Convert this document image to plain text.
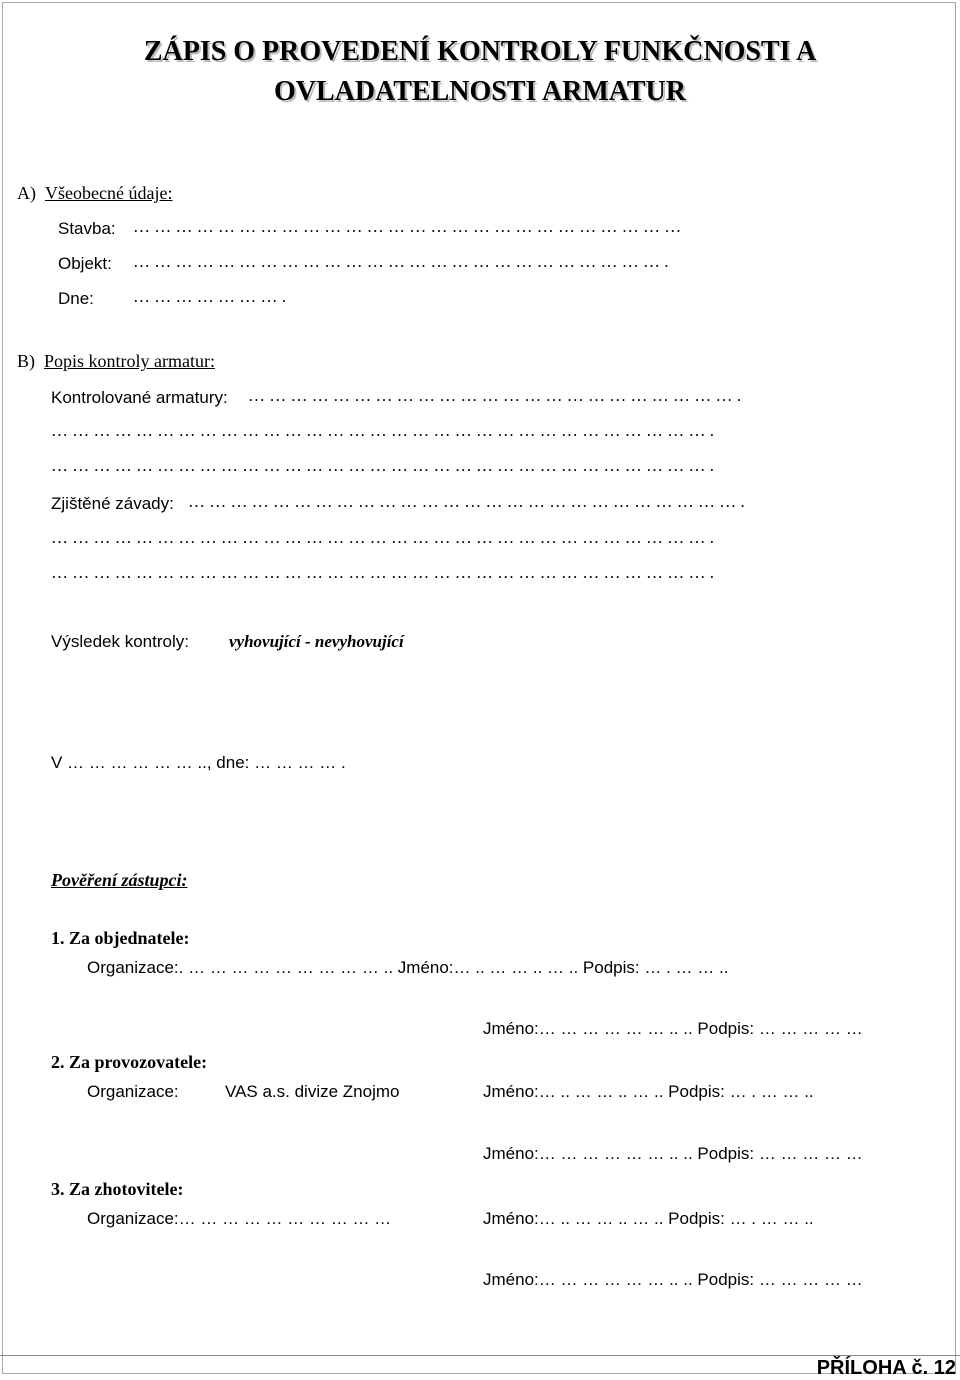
ZÁPIS O PROVEDENÍ KONTROLY FUNKČNOSTI A
OVLADATELNOSTI ARMATUR
A) Všeobecné údaje:
Stavba: … … … … … … … … … … … … … … … … … … … … … … … … … …
Objekt: … … … … … … … … … … … … … … … … … … … … … … … … … .
Dne: … … … … … … … .
B) Popis kontroly armatur:
Kontrolované armatury: … … … … … … … … … … … … … … … … … … … … … … … .
… … … … … … … … … … … … … … … … … … … … … … … … … … … … … … … .
… … … … … … … … … … … … … … … … … … … … … … … … … … … … … … … .
Zjištěné závady: … … … … … … … … … … … … … … … … … … … … … … … … … … .
… … … … … … … … … … … … … … … … … … … … … … … … … … … … … … … .
… … … … … … … … … … … … … … … … … … … … … … … … … … … … … … … .
Výsledek kontroly: vyhovující - nevyhovující
V … … … … … … .., dne: … … … … .
Pověření zástupci:
1. Za objednatele:
Organizace:. … … … … … … … … … .. Jméno:… .. … … .. … .. Podpis: … . … … ..
Jméno:… … … … … … .. .. Podpis: … … … … …
2. Za provozovatele:
Organizace:	VAS a.s. divize Znojmo	Jméno:… .. … … .. … .. Podpis: … . … … ..
Jméno:… … … … … … .. .. Podpis: … … … … …
3. Za zhotovitele:
Organizace:… … … … … … … … … …	Jméno:… .. … … .. … .. Podpis: … . … … ..
Jméno:… … … … … … .. .. Podpis: … … … … …
PŘÍLOHA č. 12
